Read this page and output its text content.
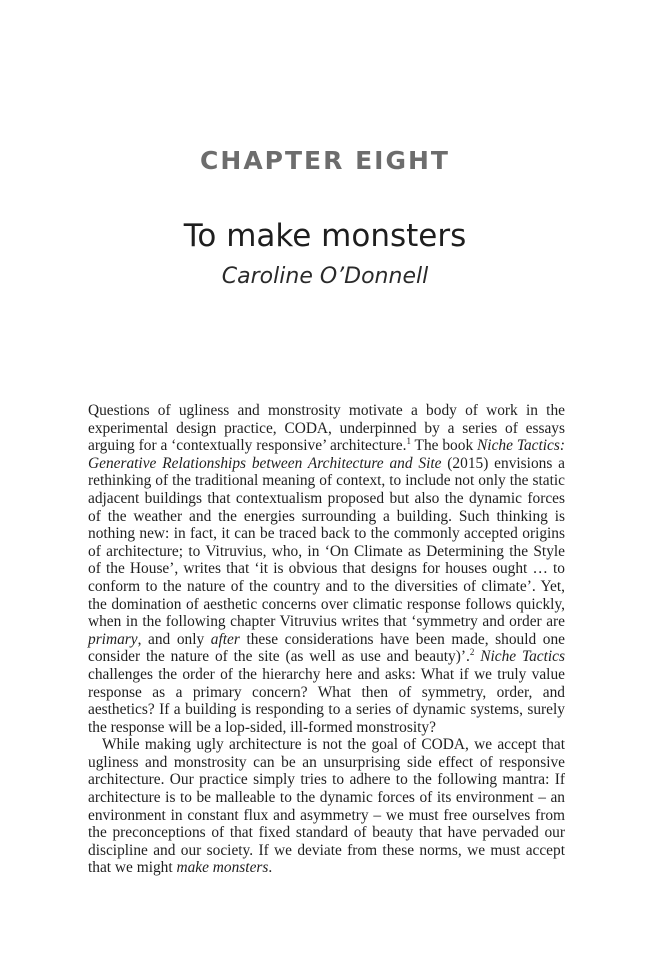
CHAPTER EIGHT
To make monsters
Caroline O’Donnell

Questions of ugliness and monstrosity motivate a body of work in the experimental design practice, CODA, underpinned by a series of essays arguing for a ‘contextually responsive’ architecture.$^1$ The book Niche Tactics: Generative Relationships between Architecture and Site (2015) envisions a rethinking of the traditional meaning of context, to include not only the static adjacent buildings that contextualism proposed but also the dynamic forces of the weather and the energies surrounding a building. Such thinking is nothing new: in fact, it can be traced back to the commonly accepted origins of architecture; to Vitruvius, who, in ‘On Climate as Determining the Style of the House’, writes that ‘it is obvious that designs for houses ought … to conform to the nature of the country and to the diversities of climate’. Yet, the domination of aesthetic concerns over climatic response follows quickly, when in the following chapter Vitruvius writes that ‘symmetry and order are primary, and only after these considerations have been made, should one consider the nature of the site (as well as use and beauty)’.$^2$ Niche Tactics challenges the order of the hierarchy here and asks: What if we truly value response as a primary concern? What then of symmetry, order, and aesthetics? If a building is responding to a series of dynamic systems, surely the response will be a lop-sided, ill-formed monstrosity?

While making ugly architecture is not the goal of CODA, we accept that ugliness and monstrosity can be an unsurprising side effect of responsive architecture. Our practice simply tries to adhere to the following mantra: If architecture is to be malleable to the dynamic forces of its environment – an environment in constant flux and asymmetry – we must free ourselves from the preconceptions of that fixed standard of beauty that have pervaded our discipline and our society. If we deviate from these norms, we must accept that we might make monsters.
